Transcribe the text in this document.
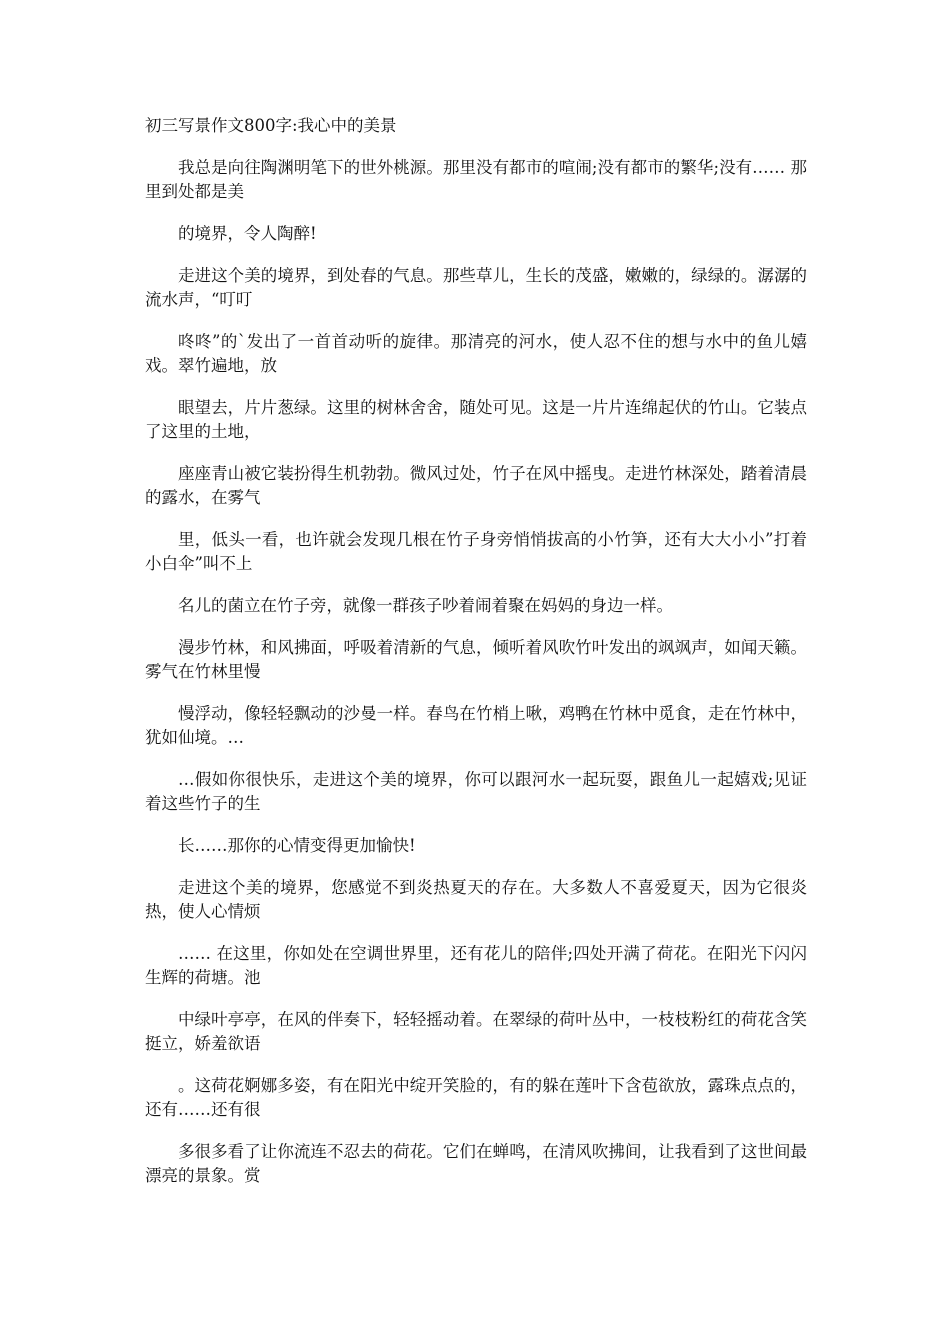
初三写景作文800字:我心中的美景

我总是向往陶渊明笔下的世外桃源。那里没有都市的喧闹;没有都市的繁华;没有…… 那里到处都是美

的境界，令人陶醉!

走进这个美的境界，到处春的气息。那些草儿，生长的茂盛，嫩嫩的，绿绿的。潺潺的流水声，“叮叮

咚咚”的`发出了一首首动听的旋律。那清亮的河水，使人忍不住的想与水中的鱼儿嬉戏。翠竹遍地，放

眼望去，片片葱绿。这里的树林舍舍，随处可见。这是一片片连绵起伏的竹山。它装点了这里的土地，

座座青山被它装扮得生机勃勃。微风过处，竹子在风中摇曳。走进竹林深处，踏着清晨的露水，在雾气

里，低头一看，也许就会发现几根在竹子身旁悄悄拔高的小竹笋，还有大大小小”打着小白伞”叫不上

名儿的菌立在竹子旁，就像一群孩子吵着闹着聚在妈妈的身边一样。

漫步竹林，和风拂面，呼吸着清新的气息，倾听着风吹竹叶发出的飒飒声，如闻天籁。雾气在竹林里慢

慢浮动，像轻轻飘动的沙曼一样。春鸟在竹梢上啾，鸡鸭在竹林中觅食，走在竹林中，犹如仙境。…

…假如你很快乐，走进这个美的境界，你可以跟河水一起玩耍，跟鱼儿一起嬉戏;见证着这些竹子的生

长……那你的心情变得更加愉快!

走进这个美的境界，您感觉不到炎热夏天的存在。大多数人不喜爱夏天，因为它很炎热，使人心情烦

…… 在这里，你如处在空调世界里，还有花儿的陪伴;四处开满了荷花。在阳光下闪闪生辉的荷塘。池

中绿叶亭亭，在风的伴奏下，轻轻摇动着。在翠绿的荷叶丛中，一枝枝粉红的荷花含笑挺立，娇羞欲语

。这荷花婀娜多姿，有在阳光中绽开笑脸的，有的躲在莲叶下含苞欲放，露珠点点的，还有……还有很

多很多看了让你流连不忍去的荷花。它们在蝉鸣，在清风吹拂间，让我看到了这世间最漂亮的景象。赏
